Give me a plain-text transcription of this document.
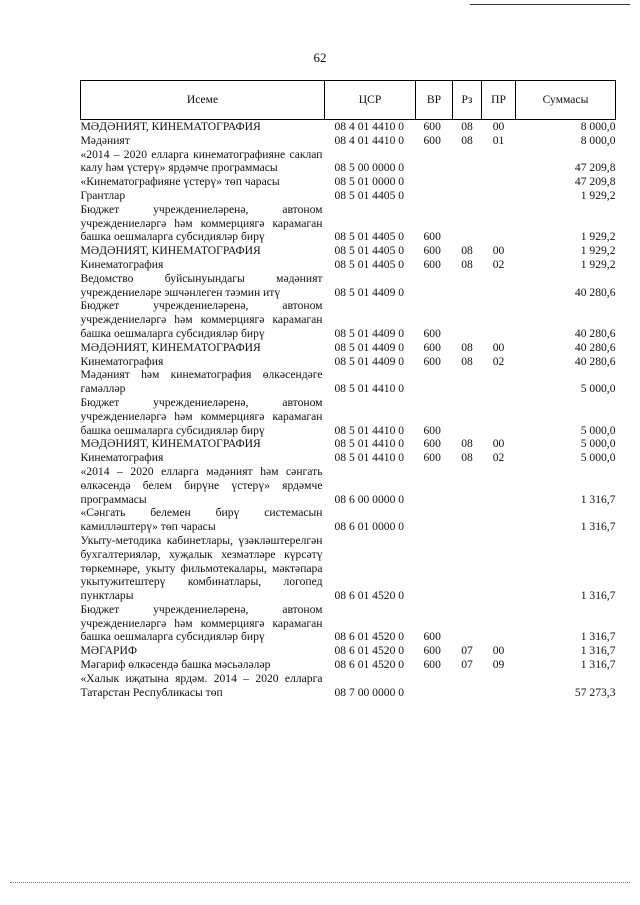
62
Исеме	ЦСР	ВР	Рз	ПР	Суммасы
МӘДӘНИЯТ, КИНЕМАТОГРАФИЯ	08 4 01 4410 0	600	08	00	8 000,0
Мәдәният	08 4 01 4410 0	600	08	01	8 000,0
«2014 – 2020 елларга кинематографияне саклап калу һәм үстерү» ярдәмче программасы	08 5 00 0000 0				47 209,8
«Кинематографияне үстерү» төп чарасы	08 5 01 0000 0				47 209,8
Грантлар	08 5 01 4405 0				1 929,2
Бюджет учреждениеләренә, автоном учреждениеләргә һәм коммерциягә карамаган башка оешмаларга субсидияләр бирү	08 5 01 4405 0	600			1 929,2
МӘДӘНИЯТ, КИНЕМАТОГРАФИЯ	08 5 01 4405 0	600	08	00	1 929,2
Кинематография	08 5 01 4405 0	600	08	02	1 929,2
Ведомство буйсынуындагы мәдәният учреждениеләре эшчәнлеген тәэмин итү	08 5 01 4409 0				40 280,6
Бюджет учреждениеләренә, автоном учреждениеләргә һәм коммерциягә карамаган башка оешмаларга субсидияләр бирү	08 5 01 4409 0	600			40 280,6
МӘДӘНИЯТ, КИНЕМАТОГРАФИЯ	08 5 01 4409 0	600	08	00	40 280,6
Кинематография	08 5 01 4409 0	600	08	02	40 280,6
Мәдәният һәм кинематография өлкәсендәге гамәлләр	08 5 01 4410 0				5 000,0
Бюджет учреждениеләренә, автоном учреждениеләргә һәм коммерциягә карамаган башка оешмаларга субсидияләр бирү	08 5 01 4410 0	600			5 000,0
МӘДӘНИЯТ, КИНЕМАТОГРАФИЯ	08 5 01 4410 0	600	08	00	5 000,0
Кинематография	08 5 01 4410 0	600	08	02	5 000,0
«2014 – 2020 елларга мәдәният һәм сәнгать өлкәсендә белем бирүне үстерү» ярдәмче программасы	08 6 00 0000 0				1 316,7
«Сәнгать белемен бирү системасын камиллəштерү» төп чарасы	08 6 01 0000 0				1 316,7
Укыту-методика кабинетлары, үзәкләштерелгән бухгалтерияләр, хуҗалык хезмәтләре күрсәтү төркемнәре, укыту фильмотекалары, мәктәпара укытужитештерү комбинатлары, логопед пунктлары	08 6 01 4520 0				1 316,7
Бюджет учреждениеләренә, автоном учреждениеләргә һәм коммерциягә карамаган башка оешмаларга субсидияләр бирү	08 6 01 4520 0	600			1 316,7
МӘГАРИФ	08 6 01 4520 0	600	07	00	1 316,7
Мәгариф өлкәсендә башка мәсьәләләр	08 6 01 4520 0	600	07	09	1 316,7
«Халык иҗатына ярдәм. 2014 – 2020 елларга Татарстан Республикасы төп	08 7 00 0000 0				57 273,3
